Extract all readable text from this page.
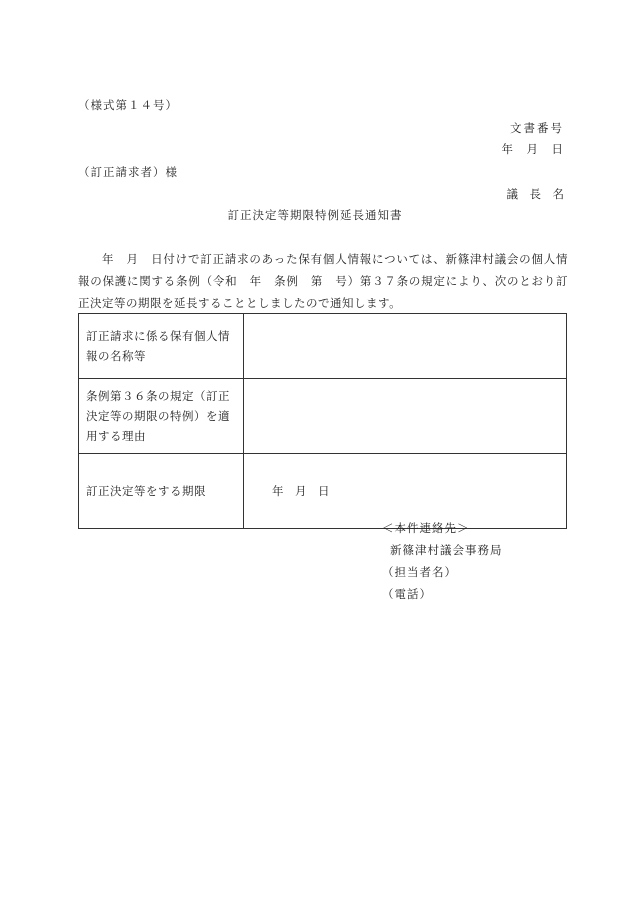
（様式第１４号）
文書番号
年　月　日
（訂正請求者）様
議　長　名
訂正決定等期限特例延長通知書
年　月　日付けで訂正請求のあった保有個人情報については、新篠津村議会の個人情報の保護に関する条例（令和　年　条例　第　号）第３７条の規定により、次のとおり訂正決定等の期限を延長することとしましたので通知します。
訂正請求に係る保有個人情報の名称等	
条例第３６条の規定（訂正決定等の期限の特例）を適用する理由	
訂正決定等をする期限	年　月　日
＜本件連絡先＞
新篠津村議会事務局
（担当者名）
（電話）
